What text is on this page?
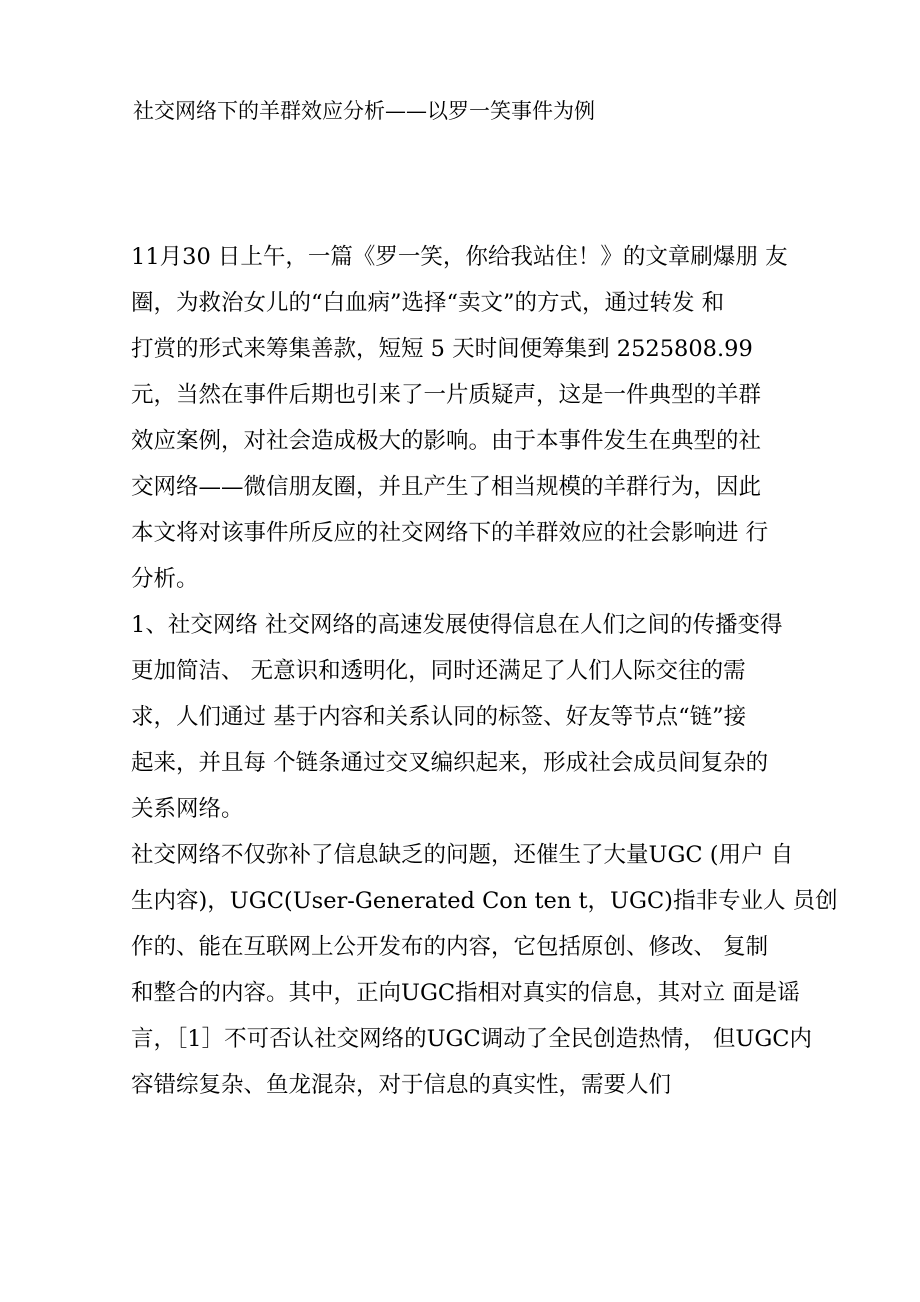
社交网络下的羊群效应分析——以罗一笑事件为例
11月30 日上午，一篇《罗一笑，你给我站住！》的文章刷爆朋 友
圈，为救治女儿的“白血病”选择“卖文”的方式，通过转发 和
打赏的形式来筹集善款，短短 5 天时间便筹集到 2525808.99
元，当然在事件后期也引来了一片质疑声，这是一件典型的羊群
效应案例，对社会造成极大的影响。由于本事件发生在典型的社
交网络——微信朋友圈，并且产生了相当规模的羊群行为，因此
本文将对该事件所反应的社交网络下的羊群效应的社会影响进 行
分析。
1、社交网络 社交网络的高速发展使得信息在人们之间的传播变得
更加简洁、 无意识和透明化，同时还满足了人们人际交往的需
求，人们通过 基于内容和关系认同的标签、好友等节点“链”接
起来，并且每 个链条通过交叉编织起来，形成社会成员间复杂的
关系网络。
社交网络不仅弥补了信息缺乏的问题，还催生了大量UGC (用户 自
生内容)，UGC(User-Generated Con ten t，UGC)指非专业人 员创
作的、能在互联网上公开发布的内容，它包括原创、修改、 复制
和整合的内容。其中，正向UGC指相对真实的信息，其对立 面是谣
言，［1］不可否认社交网络的UGC调动了全民创造热情， 但UGC内
容错综复杂、鱼龙混杂，对于信息的真实性，需要人们
